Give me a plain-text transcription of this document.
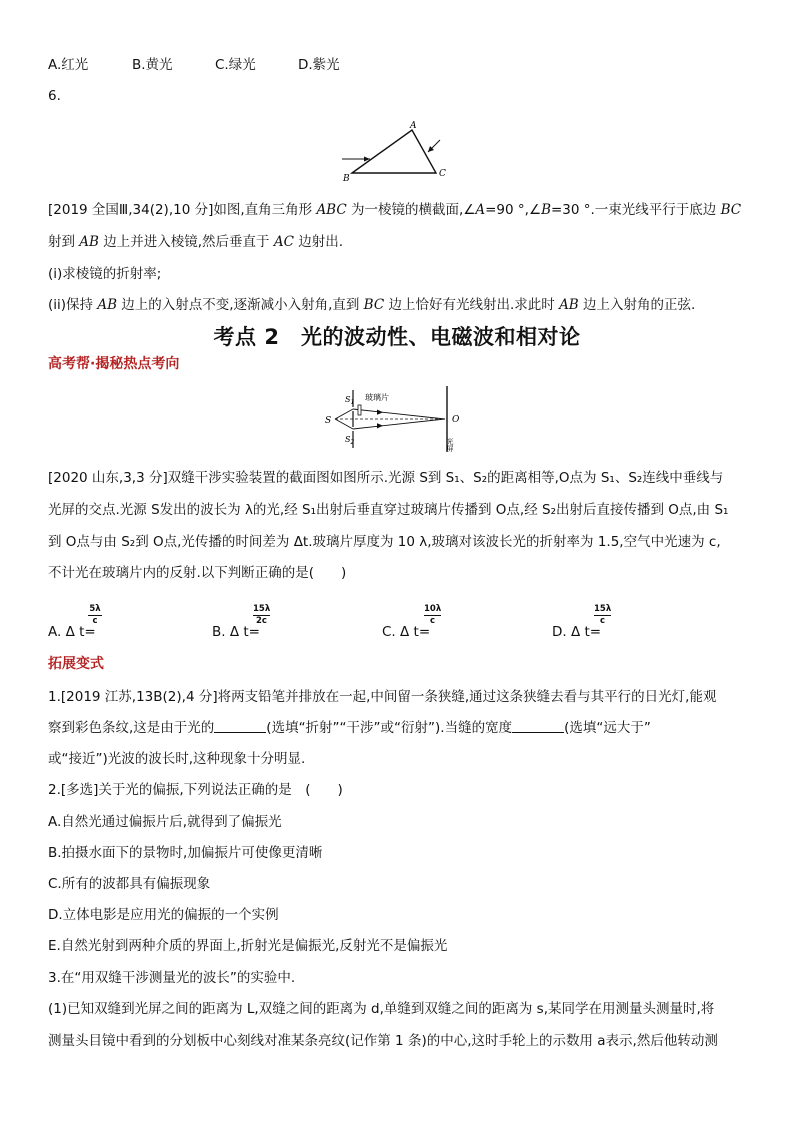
A.红光	B.黄光	C.绿光	D.紫光
6.
A
B	C
[2019 全国Ⅲ,34(2),10 分]如图,直角三角形 ABC 为一棱镜的横截面,∠A=90 °,∠B=30 °.一束光线平行于底边 BC
射到 AB 边上并进入棱镜,然后垂直于 AC 边射出.
(i)求棱镜的折射率;
(ii)保持 AB 边上的入射点不变,逐渐减小入射角,直到 BC 边上恰好有光线射出.求此时 AB 边上入射角的正弦.
考点 2　光的波动性、电磁波和相对论
高考帮·揭秘热点考向
S
$S_1$
$S_2$
玻璃片
O
光屏
[2020 山东,3,3 分]双缝干涉实验装置的截面图如图所示.光源 S到 S₁、S₂的距离相等,O点为 S₁、S₂连线中垂线与
光屏的交点.光源 S发出的波长为 λ的光,经 S₁出射后垂直穿过玻璃片传播到 O点,经 S₂出射后直接传播到 O点,由 S₁
到 O点与由 S₂到 O点,光传播的时间差为 Δt.玻璃片厚度为 10 λ,玻璃对该波长光的折射率为 1.5,空气中光速为 c,
不计光在玻璃片内的反射.以下判断正确的是(　　)
A. Δ t=
5λ
c
B. Δ t=
15λ
2c
C. Δ t=
10λ
c
D. Δ t=
15λ
c
拓展变式
1.[2019 江苏,13B(2),4 分]将两支铅笔并排放在一起,中间留一条狭缝,通过这条狭缝去看与其平行的日光灯,能观
察到彩色条纹,这是由于光的	(选填“折射”“干涉”或“衍射”).当缝的宽度	(选填“远大于”
或“接近”)光波的波长时,这种现象十分明显.
2.[多选]关于光的偏振,下列说法正确的是　(　　)
A.自然光通过偏振片后,就得到了偏振光
B.拍摄水面下的景物时,加偏振片可使像更清晰
C.所有的波都具有偏振现象
D.立体电影是应用光的偏振的一个实例
E.自然光射到两种介质的界面上,折射光是偏振光,反射光不是偏振光
3.在“用双缝干涉测量光的波长”的实验中.
(1)已知双缝到光屏之间的距离为 L,双缝之间的距离为 d,单缝到双缝之间的距离为 s,某同学在用测量头测量时,将
测量头目镜中看到的分划板中心刻线对准某条亮纹(记作第 1 条)的中心,这时手轮上的示数用 a表示,然后他转动测
